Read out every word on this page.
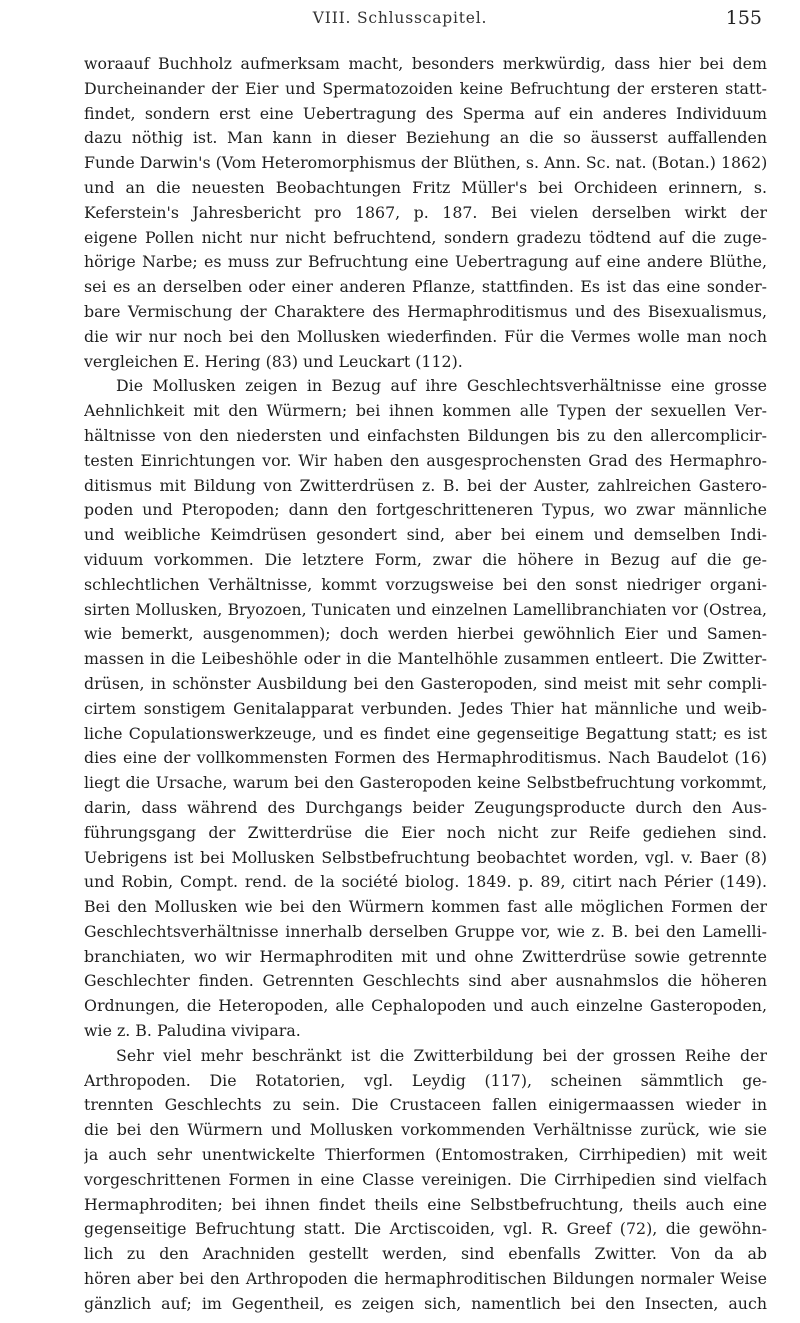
VIII. Schlusscapitel.	155
woraauf Buchholz aufmerksam macht, besonders merkwürdig, dass hier bei dem
Durcheinander der Eier und Spermatozoiden keine Befruchtung der ersteren statt-
findet, sondern erst eine Uebertragung des Sperma auf ein anderes Individuum
dazu nöthig ist. Man kann in dieser Beziehung an die so äusserst auffallenden
Funde Darwin's (Vom Heteromorphismus der Blüthen, s. Ann. Sc. nat. (Botan.) 1862)
und an die neuesten Beobachtungen Fritz Müller's bei Orchideen erinnern, s.
Keferstein's Jahresbericht pro 1867, p. 187. Bei vielen derselben wirkt der
eigene Pollen nicht nur nicht befruchtend, sondern gradezu tödtend auf die zuge-
hörige Narbe; es muss zur Befruchtung eine Uebertragung auf eine andere Blüthe,
sei es an derselben oder einer anderen Pflanze, stattfinden. Es ist das eine sonder-
bare Vermischung der Charaktere des Hermaphroditismus und des Bisexualismus,
die wir nur noch bei den Mollusken wiederfinden. Für die Vermes wolle man noch
vergleichen E. Hering (83) und Leuckart (112).
Die Mollusken zeigen in Bezug auf ihre Geschlechtsverhältnisse eine grosse
Aehnlichkeit mit den Würmern; bei ihnen kommen alle Typen der sexuellen Ver-
hältnisse von den niedersten und einfachsten Bildungen bis zu den allercomplicir-
testen Einrichtungen vor. Wir haben den ausgesprochensten Grad des Hermaphro-
ditismus mit Bildung von Zwitterdrüsen z. B. bei der Auster, zahlreichen Gastero-
poden und Pteropoden; dann den fortgeschritteneren Typus, wo zwar männliche
und weibliche Keimdrüsen gesondert sind, aber bei einem und demselben Indi-
viduum vorkommen. Die letztere Form, zwar die höhere in Bezug auf die ge-
schlechtlichen Verhältnisse, kommt vorzugsweise bei den sonst niedriger organi-
sirten Mollusken, Bryozoen, Tunicaten und einzelnen Lamellibranchiaten vor (Ostrea,
wie bemerkt, ausgenommen); doch werden hierbei gewöhnlich Eier und Samen-
massen in die Leibeshöhle oder in die Mantelhöhle zusammen entleert. Die Zwitter-
drüsen, in schönster Ausbildung bei den Gasteropoden, sind meist mit sehr compli-
cirtem sonstigem Genitalapparat verbunden. Jedes Thier hat männliche und weib-
liche Copulationswerkzeuge, und es findet eine gegenseitige Begattung statt; es ist
dies eine der vollkommensten Formen des Hermaphroditismus. Nach Baudelot (16)
liegt die Ursache, warum bei den Gasteropoden keine Selbstbefruchtung vorkommt,
darin, dass während des Durchgangs beider Zeugungsproducte durch den Aus-
führungsgang der Zwitterdrüse die Eier noch nicht zur Reife gediehen sind.
Uebrigens ist bei Mollusken Selbstbefruchtung beobachtet worden, vgl. v. Baer (8)
und Robin, Compt. rend. de la société biolog. 1849. p. 89, citirt nach Périer (149).
Bei den Mollusken wie bei den Würmern kommen fast alle möglichen Formen der
Geschlechtsverhältnisse innerhalb derselben Gruppe vor, wie z. B. bei den Lamelli-
branchiaten, wo wir Hermaphroditen mit und ohne Zwitterdrüse sowie getrennte
Geschlechter finden. Getrennten Geschlechts sind aber ausnahmslos die höheren
Ordnungen, die Heteropoden, alle Cephalopoden und auch einzelne Gasteropoden,
wie z. B. Paludina vivipara.
Sehr viel mehr beschränkt ist die Zwitterbildung bei der grossen Reihe der
Arthropoden. Die Rotatorien, vgl. Leydig (117), scheinen sämmtlich ge-
trennten Geschlechts zu sein. Die Crustaceen fallen einigermaassen wieder in
die bei den Würmern und Mollusken vorkommenden Verhältnisse zurück, wie sie
ja auch sehr unentwickelte Thierformen (Entomostraken, Cirrhipedien) mit weit
vorgeschrittenen Formen in eine Classe vereinigen. Die Cirrhipedien sind vielfach
Hermaphroditen; bei ihnen findet theils eine Selbstbefruchtung, theils auch eine
gegenseitige Befruchtung statt. Die Arctiscoiden, vgl. R. Greef (72), die gewöhn-
lich zu den Arachniden gestellt werden, sind ebenfalls Zwitter. Von da ab
hören aber bei den Arthropoden die hermaphroditischen Bildungen normaler Weise
gänzlich auf; im Gegentheil, es zeigen sich, namentlich bei den Insecten, auch
